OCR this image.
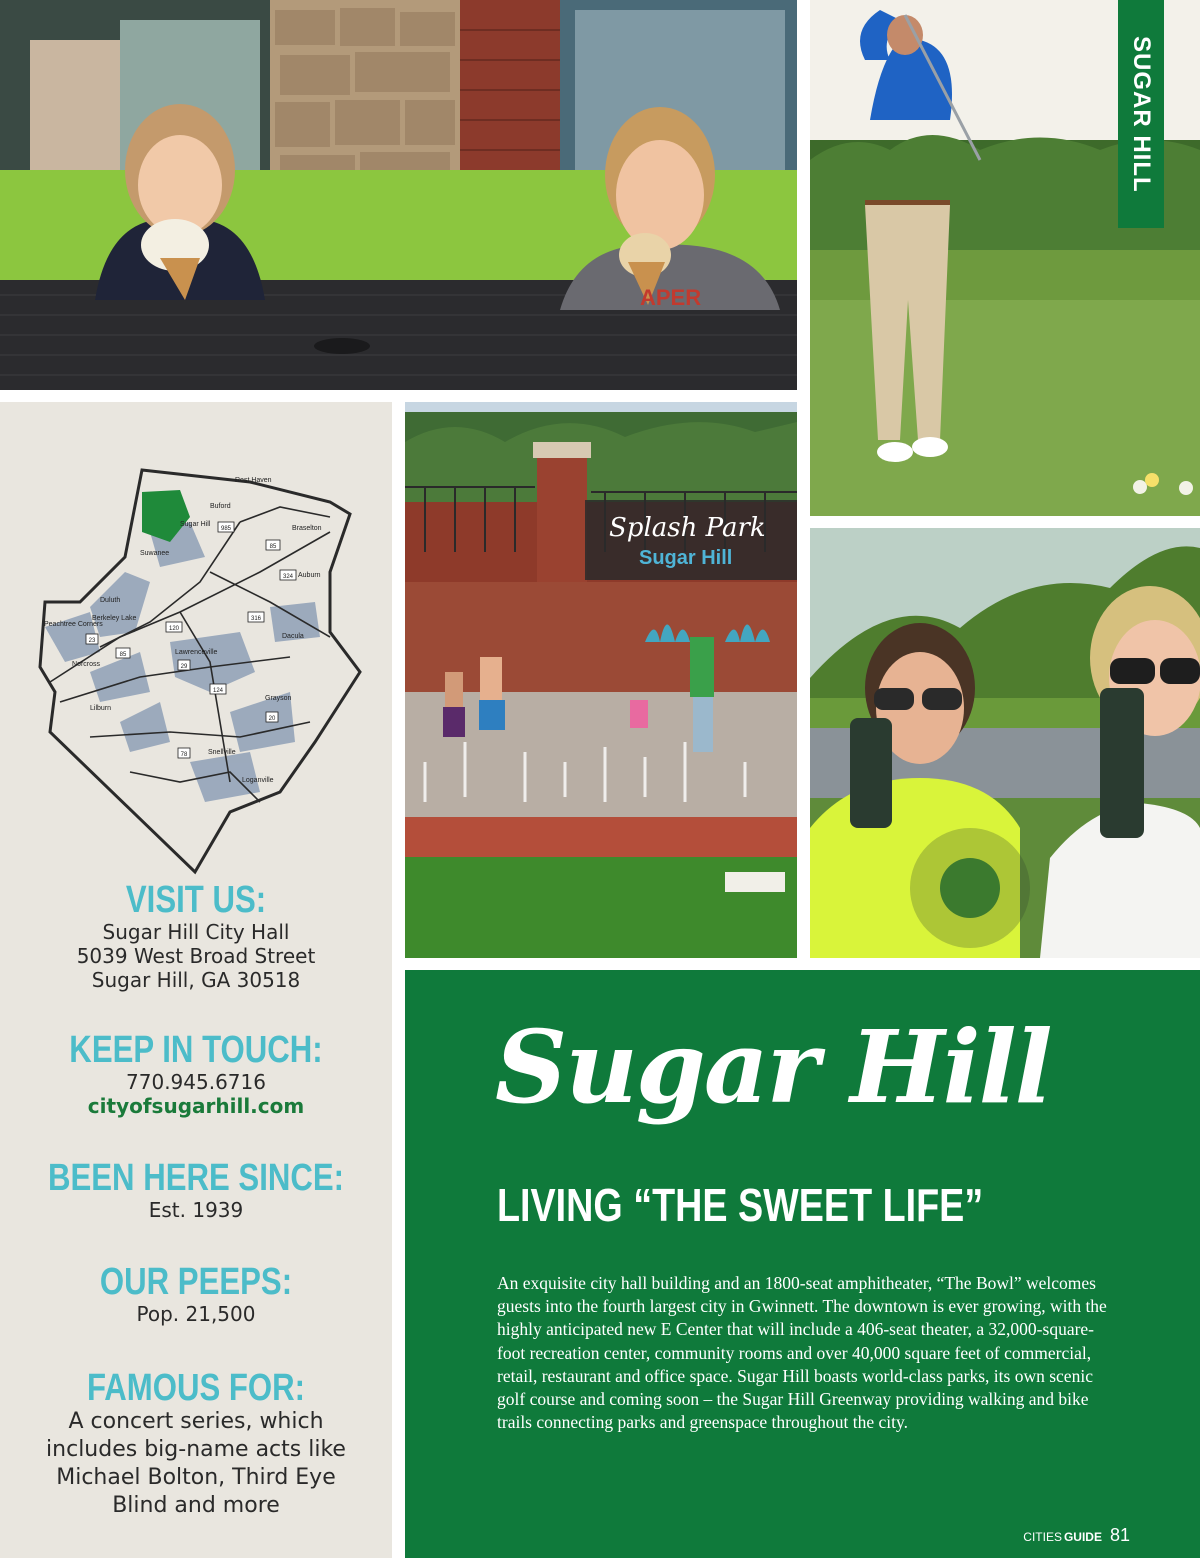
APER
SUGAR HILL
Splash Park
Sugar Hill
Rest Haven
Buford
Sugar Hill
Braselton
Suwanee
Auburn
Duluth
Berkeley Lake
Peachtree Corners
Norcross
Lawrenceville
Dacula
Lilburn
Grayson
Snellville
Loganville
985
85
324
316
120
23
85
29
124
20
78
VISIT US:

Sugar Hill City Hall

5039 West Broad Street

Sugar Hill, GA 30518

KEEP IN TOUCH:

770.945.6716

cityofsugarhill.com

BEEN HERE SINCE:

Est. 1939

OUR PEEPS:

Pop. 21,500

FAMOUS FOR:

A concert series, which includes big-name acts like Michael Bolton, Third Eye Blind and more

Sugar Hill
LIVING “THE SWEET LIFE”

An exquisite city hall building and an 1800-seat amphitheater, “The Bowl” welcomes guests into the fourth largest city in Gwinnett. The downtown is ever growing, with the highly anticipated new E Center that will include a 406-seat theater, a 32,000-square-foot recreation center, community rooms and over 40,000 square feet of commercial, retail, restaurant and office space. Sugar Hill boasts world-class parks, its own scenic golf course and coming soon – the Sugar Hill Greenway providing walking and bike trails connecting parks and greenspace throughout the city.

CITIES GUIDE 81
